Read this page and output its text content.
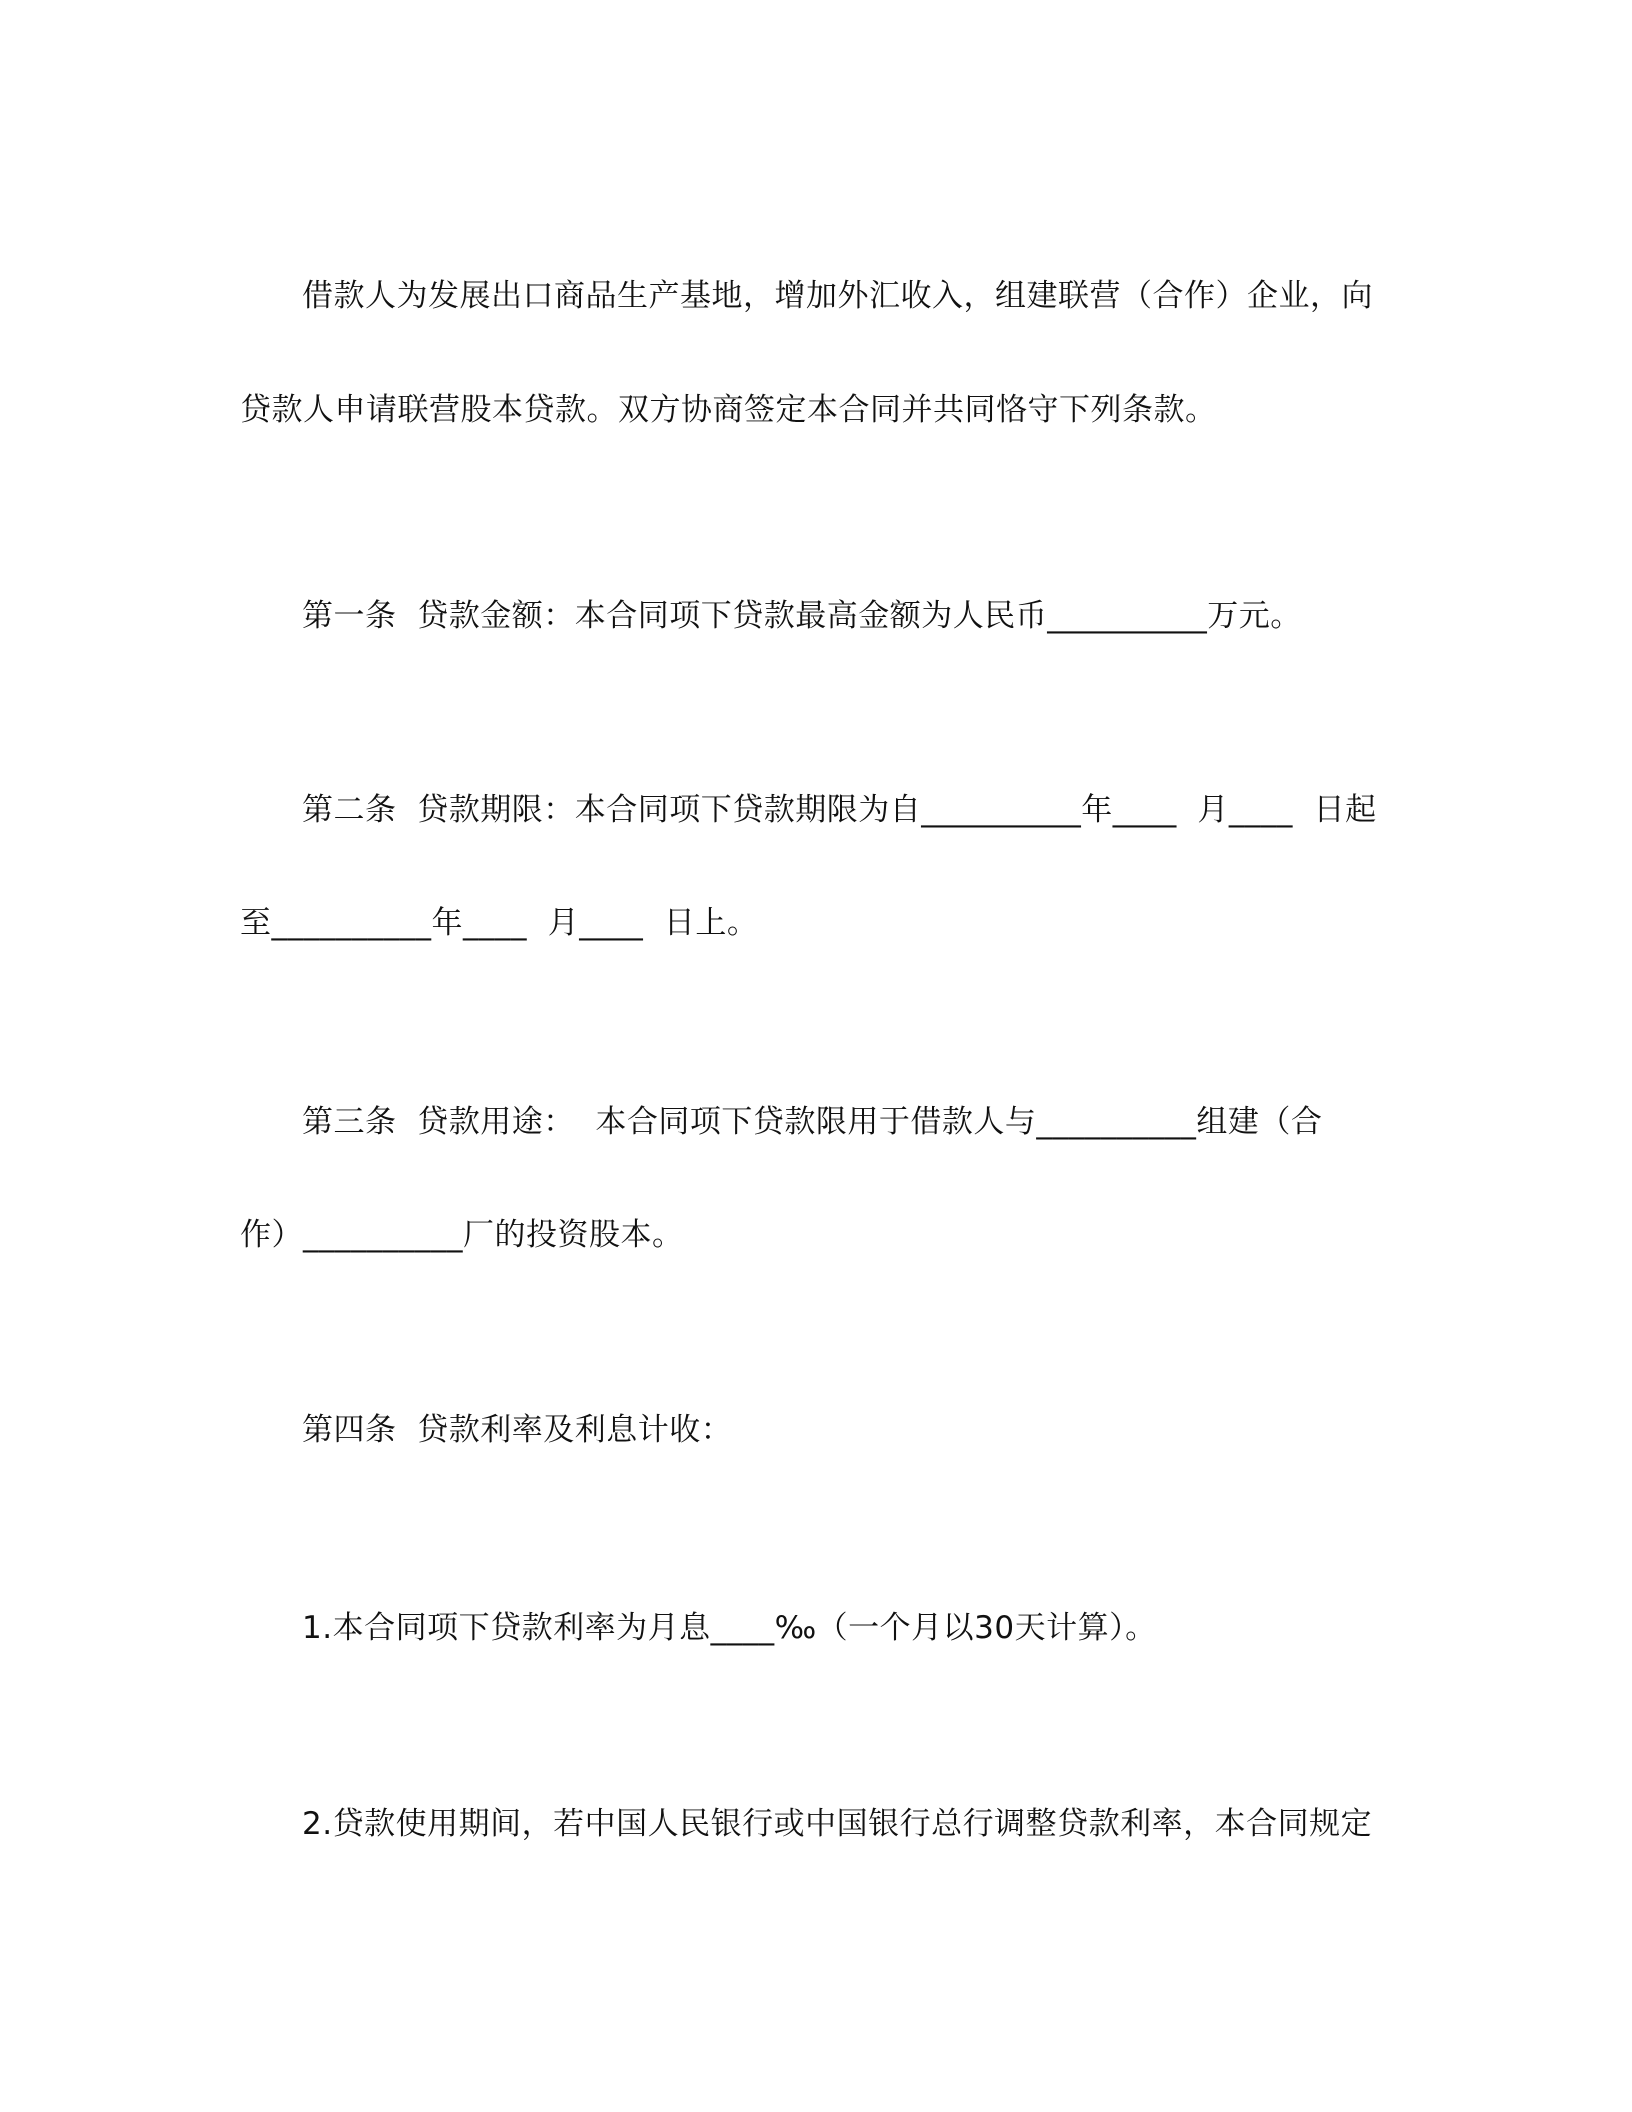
借款人为发展出口商品生产基地，增加外汇收入，组建联营（合作）企业，向
贷款人申请联营股本贷款。双方协商签定本合同并共同恪守下列条款。
第一条  贷款金额：本合同项下贷款最高金额为人民币__________万元。
第二条  贷款期限：本合同项下贷款期限为自__________年____  月____  日起
至__________年____  月____  日上。
第三条  贷款用途：  本合同项下贷款限用于借款人与__________组建（合
作）__________厂的投资股本。
第四条  贷款利率及利息计收：
1.本合同项下贷款利率为月息____‰（一个月以30天计算）。
2.贷款使用期间，若中国人民银行或中国银行总行调整贷款利率，本合同规定
